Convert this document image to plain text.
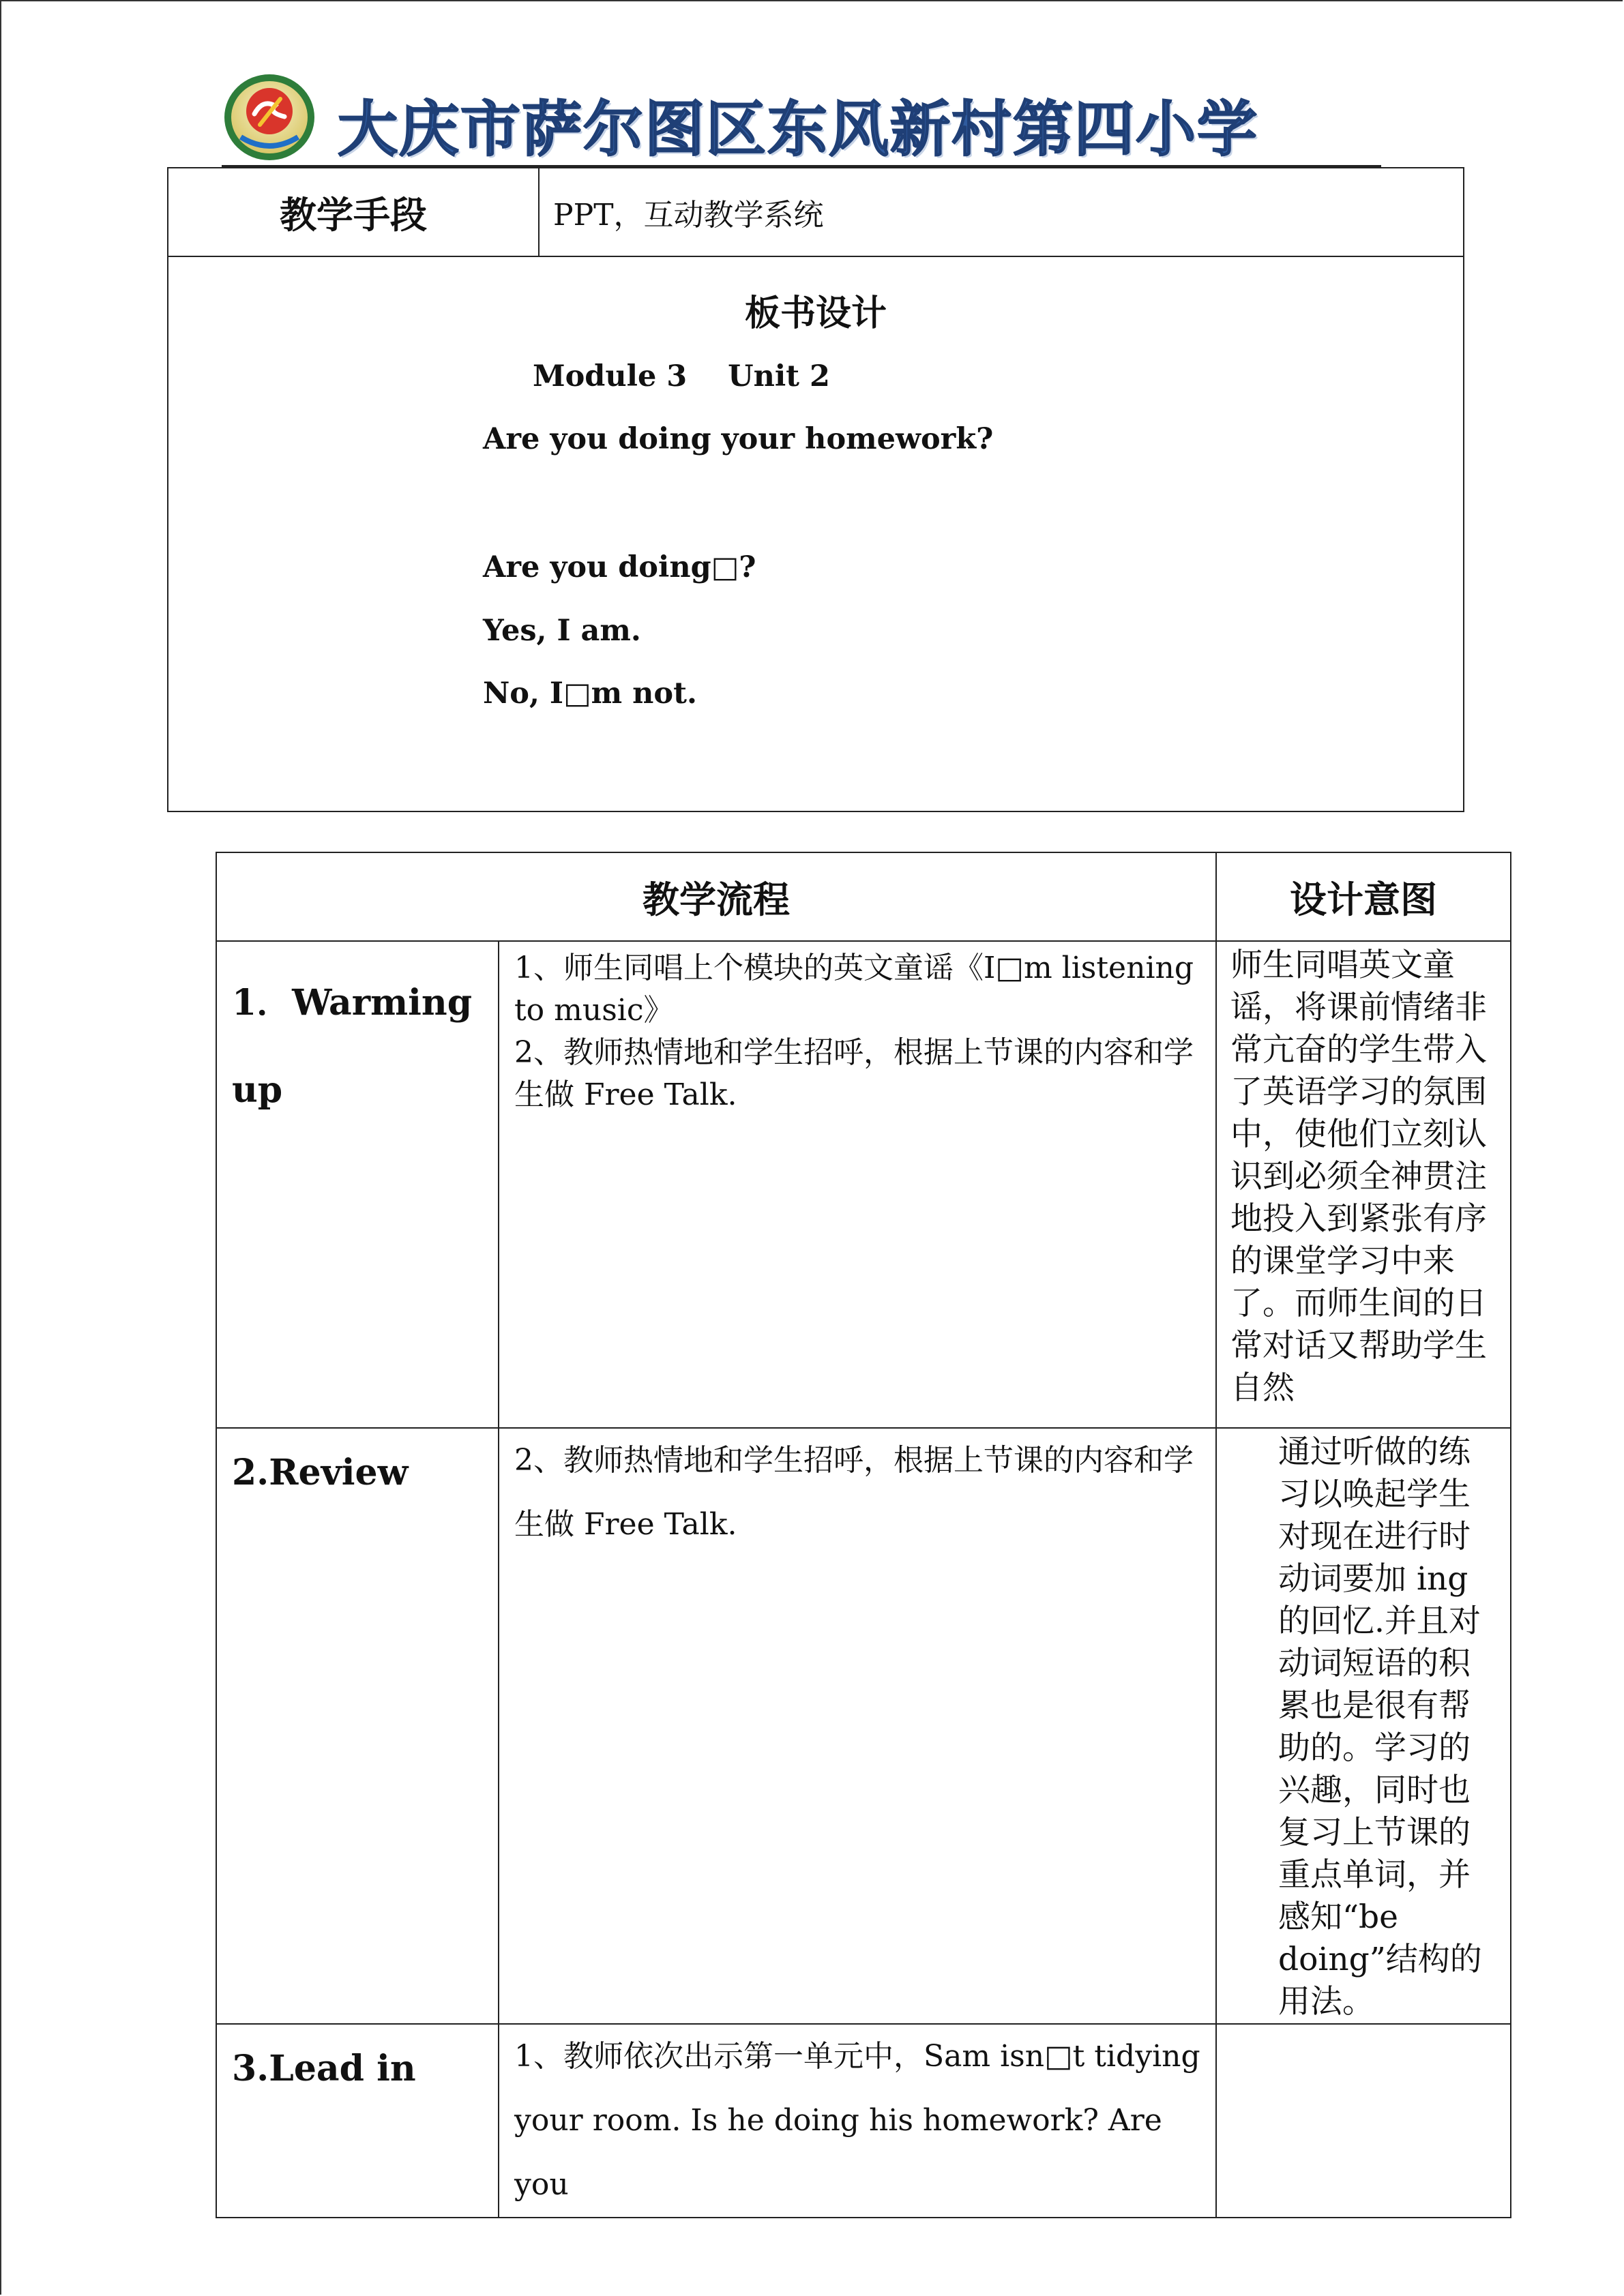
大庆市萨尔图区东风新村第四小学
教学手段	PPT，互动教学系统

板书设计
Module 3    Unit 2
Are you doing your homework?
Are you doing□?
Yes, I am.
No, I□m not.
教学流程		设计意图
1．Warming up	1、师生同唱上个模块的英文童谣《I□m listening to music》

2、教师热情地和学生招呼，根据上节课的内容和学生做 Free Talk.	师生同唱英文童谣，将课前情绪非常亢奋的学生带入了英语学习的氛围中，使他们立刻认识到必须全神贯注地投入到紧张有序的课堂学习中来了。而师生间的日常对话又帮助学生自然
2.Review	2、教师热情地和学生招呼，根据上节课的内容和学生做 Free Talk.	通过听做的练习以唤起学生对现在进行时动词要加 ing 的回忆.并且对动词短语的积累也是很有帮助的。学习的兴趣，同时也复习上节课的重点单词，并感知“be doing”结构的用法。
3.Lead in	1、教师依次出示第一单元中，Sam isn□t tidying your room. Is he doing his homework? Are you	
